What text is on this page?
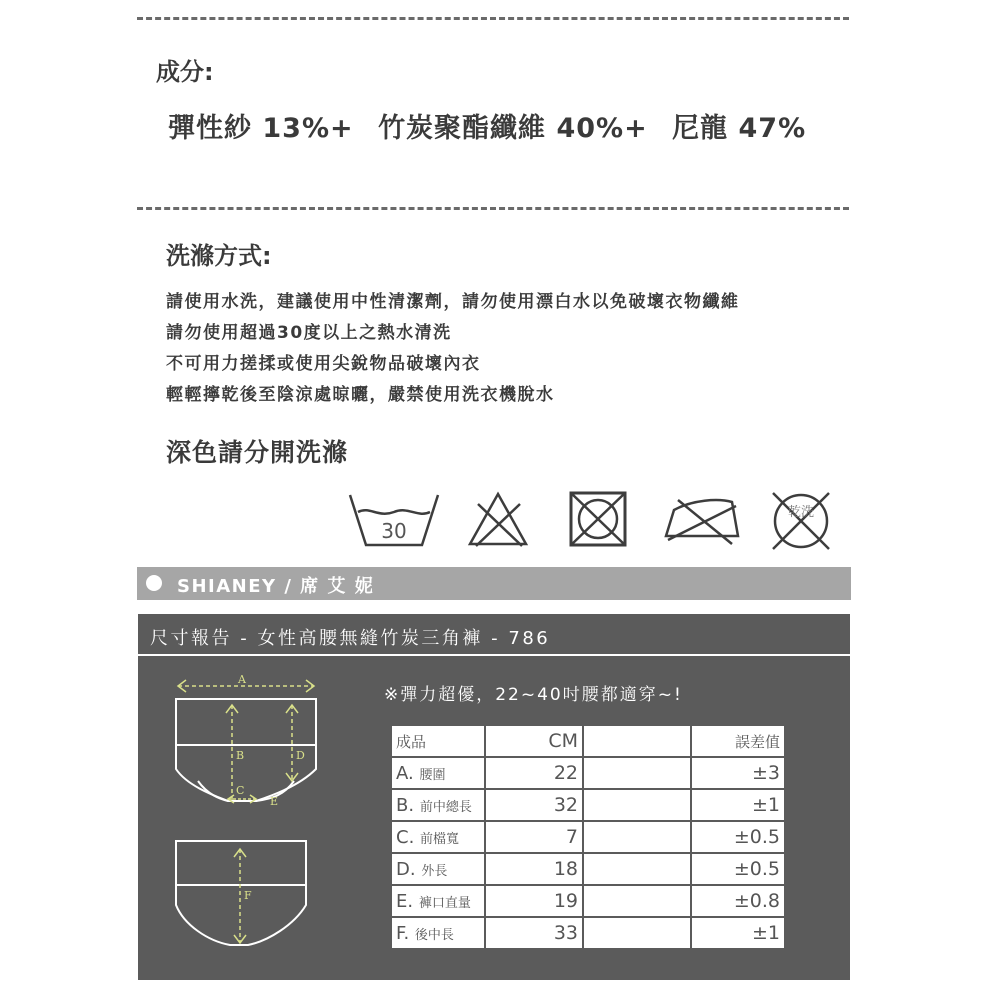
成分:
彈性紗 13%+ 竹炭聚酯纖維 40%+ 尼龍 47%
洗滌方式:
請使用水洗，建議使用中性清潔劑，請勿使用漂白水以免破壞衣物纖維
請勿使用超過30度以上之熱水清洗
不可用力搓揉或使用尖銳物品破壞內衣
輕輕擰乾後至陰涼處晾曬，嚴禁使用洗衣機脫水
深色請分開洗滌
30
乾洗
SHIANEY / 席 艾 妮
尺寸報告 - 女性高腰無縫竹炭三角褲 - 786
A
B	D
C
E
F
※彈力超優，22~40吋腰都適穿~!
成品	CM		誤差值
A. 腰圍	22		±3
B. 前中總長	32		±1
C. 前檔寬	7		±0.5
D. 外長	18		±0.5
E. 褲口直量	19		±0.8
F. 後中長	33		±1
